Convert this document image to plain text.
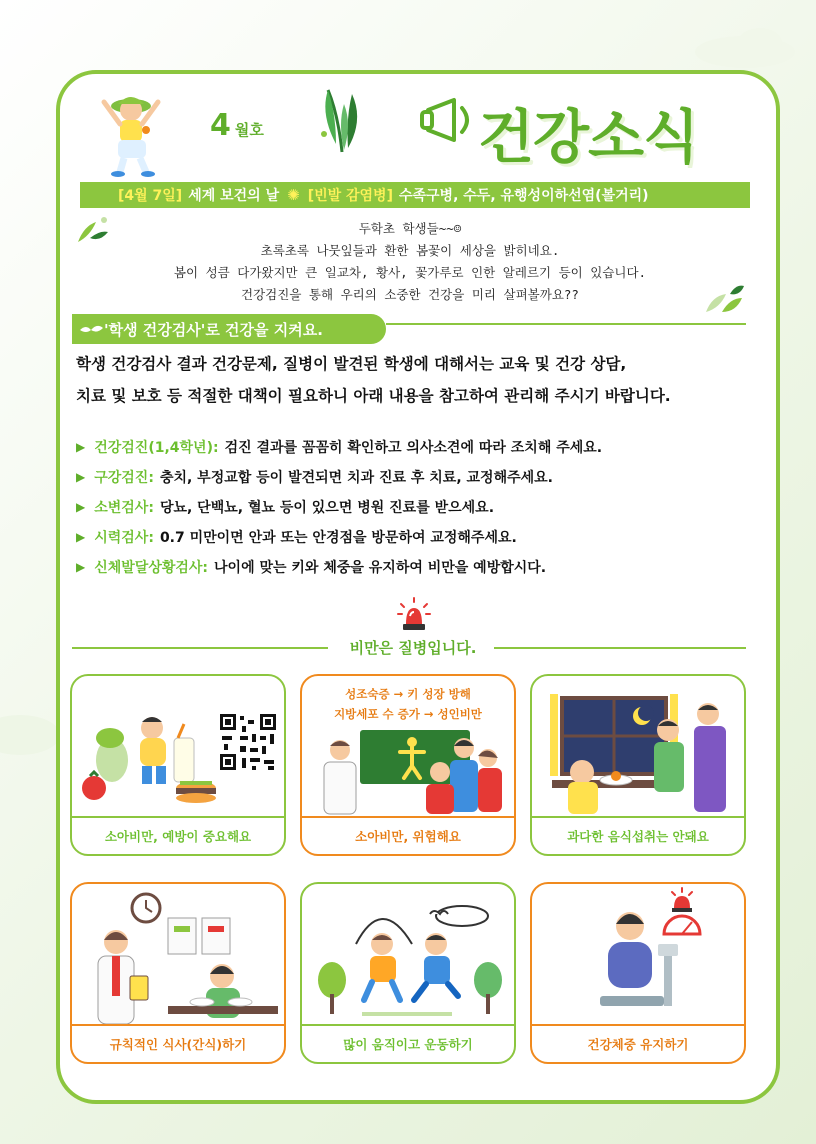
4 월호	건강소식
[4월 7일] 세계 보건의 날 ✺ [빈발 감염병] 수족구병, 수두, 유행성이하선염(볼거리)
두학초 학생들~~☺
초록초록 나뭇잎들과 환한 봄꽃이 세상을 밝히네요.
봄이 성큼 다가왔지만 큰 일교차, 황사, 꽃가루로 인한 알레르기 등이 있습니다.
건강검진을 통해 우리의 소중한 건강을 미리 살펴볼까요??
'학생 건강검사'로 건강을 지켜요.
학생 건강검사 결과 건강문제, 질병이 발견된 학생에 대해서는 교육 및 건강 상담,
치료 및 보호 등 적절한 대책이 필요하니 아래 내용을 참고하여 관리해 주시기 바랍니다.
▶ 건강검진(1,4학년): 검진 결과를 꼼꼼히 확인하고 의사소견에 따라 조치해 주세요.
▶ 구강검진: 충치, 부정교합 등이 발견되면 치과 진료 후 치료, 교정해주세요.
▶ 소변검사: 당뇨, 단백뇨, 혈뇨 등이 있으면 병원 진료를 받으세요.
▶ 시력검사: 0.7 미만이면 안과 또는 안경점을 방문하여 교정해주세요.
▶ 신체발달상황검사: 나이에 맞는 키와 체중을 유지하여 비만을 예방합시다.
비만은 질병입니다.
소아비만, 예방이 중요해요
성조숙증 → 키 성장 방해
지방세포 수 증가 → 성인비만
소아비만, 위험해요	과다한 음식섭취는 안돼요
규칙적인 식사(간식)하기	많이 움직이고 운동하기	건강체중 유지하기
